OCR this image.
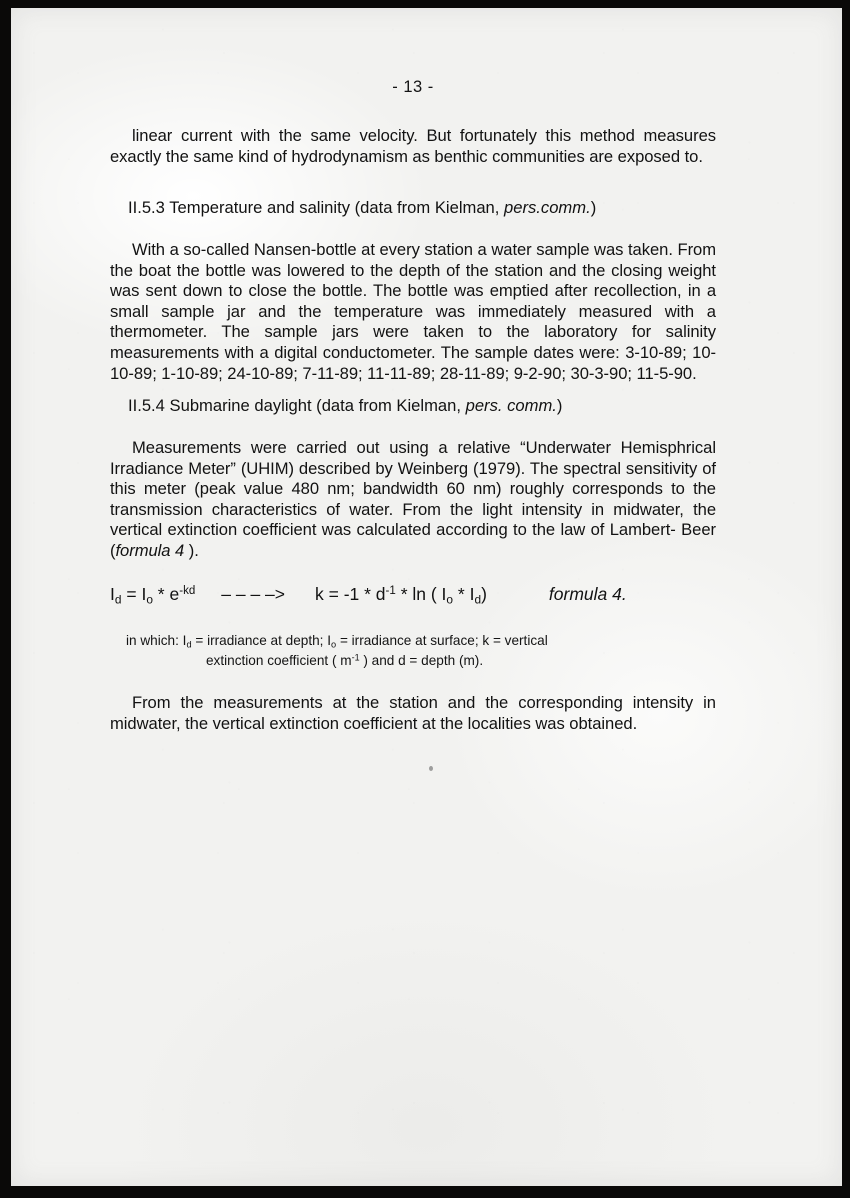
- 13 -
linear current with the same velocity. But fortunately this method measures exactly the same kind of hydrodynamism as benthic communities are exposed to.
II.5.3 Temperature and salinity (data from Kielman, pers.comm.)
With a so-called Nansen-bottle at every station a water sample was taken. From the boat the bottle was lowered to the depth of the station and the closing weight was sent down to close the bottle. The bottle was emptied after recollection, in a small sample jar and the temperature was immediately measured with a thermometer. The sample jars were taken to the laboratory for salinity measurements with a digital conductometer. The sample dates were: 3-10-89; 10-10-89; 1-10-89; 24-10-89; 7-11-89; 11-11-89; 28-11-89; 9-2-90; 30-3-90; 11-5-90.
II.5.4 Submarine daylight (data from Kielman, pers. comm.)
Measurements were carried out using a relative “Underwater Hemisphrical Irradiance Meter” (UHIM) described by Weinberg (1979). The spectral sensitivity of this meter (peak value 480 nm; bandwidth 60 nm) roughly corresponds to the transmission characteristics of water. From the light intensity in midwater, the vertical extinction coefficient was calculated according to the law of Lambert- Beer (formula 4 ).
$I_d = I_o * e^{-kd}$ – – – –> $k = -1 * d^{-1} * \ln$ ( $I_o * I_d$)	formula 4.
in which: $I_d$ = irradiance at depth; $I_o$ = irradiance at surface; k = vertical
extinction coefficient ( $m^{-1}$ ) and d = depth (m).
From the measurements at the station and the corresponding intensity in midwater, the vertical extinction coefficient at the localities was obtained.
